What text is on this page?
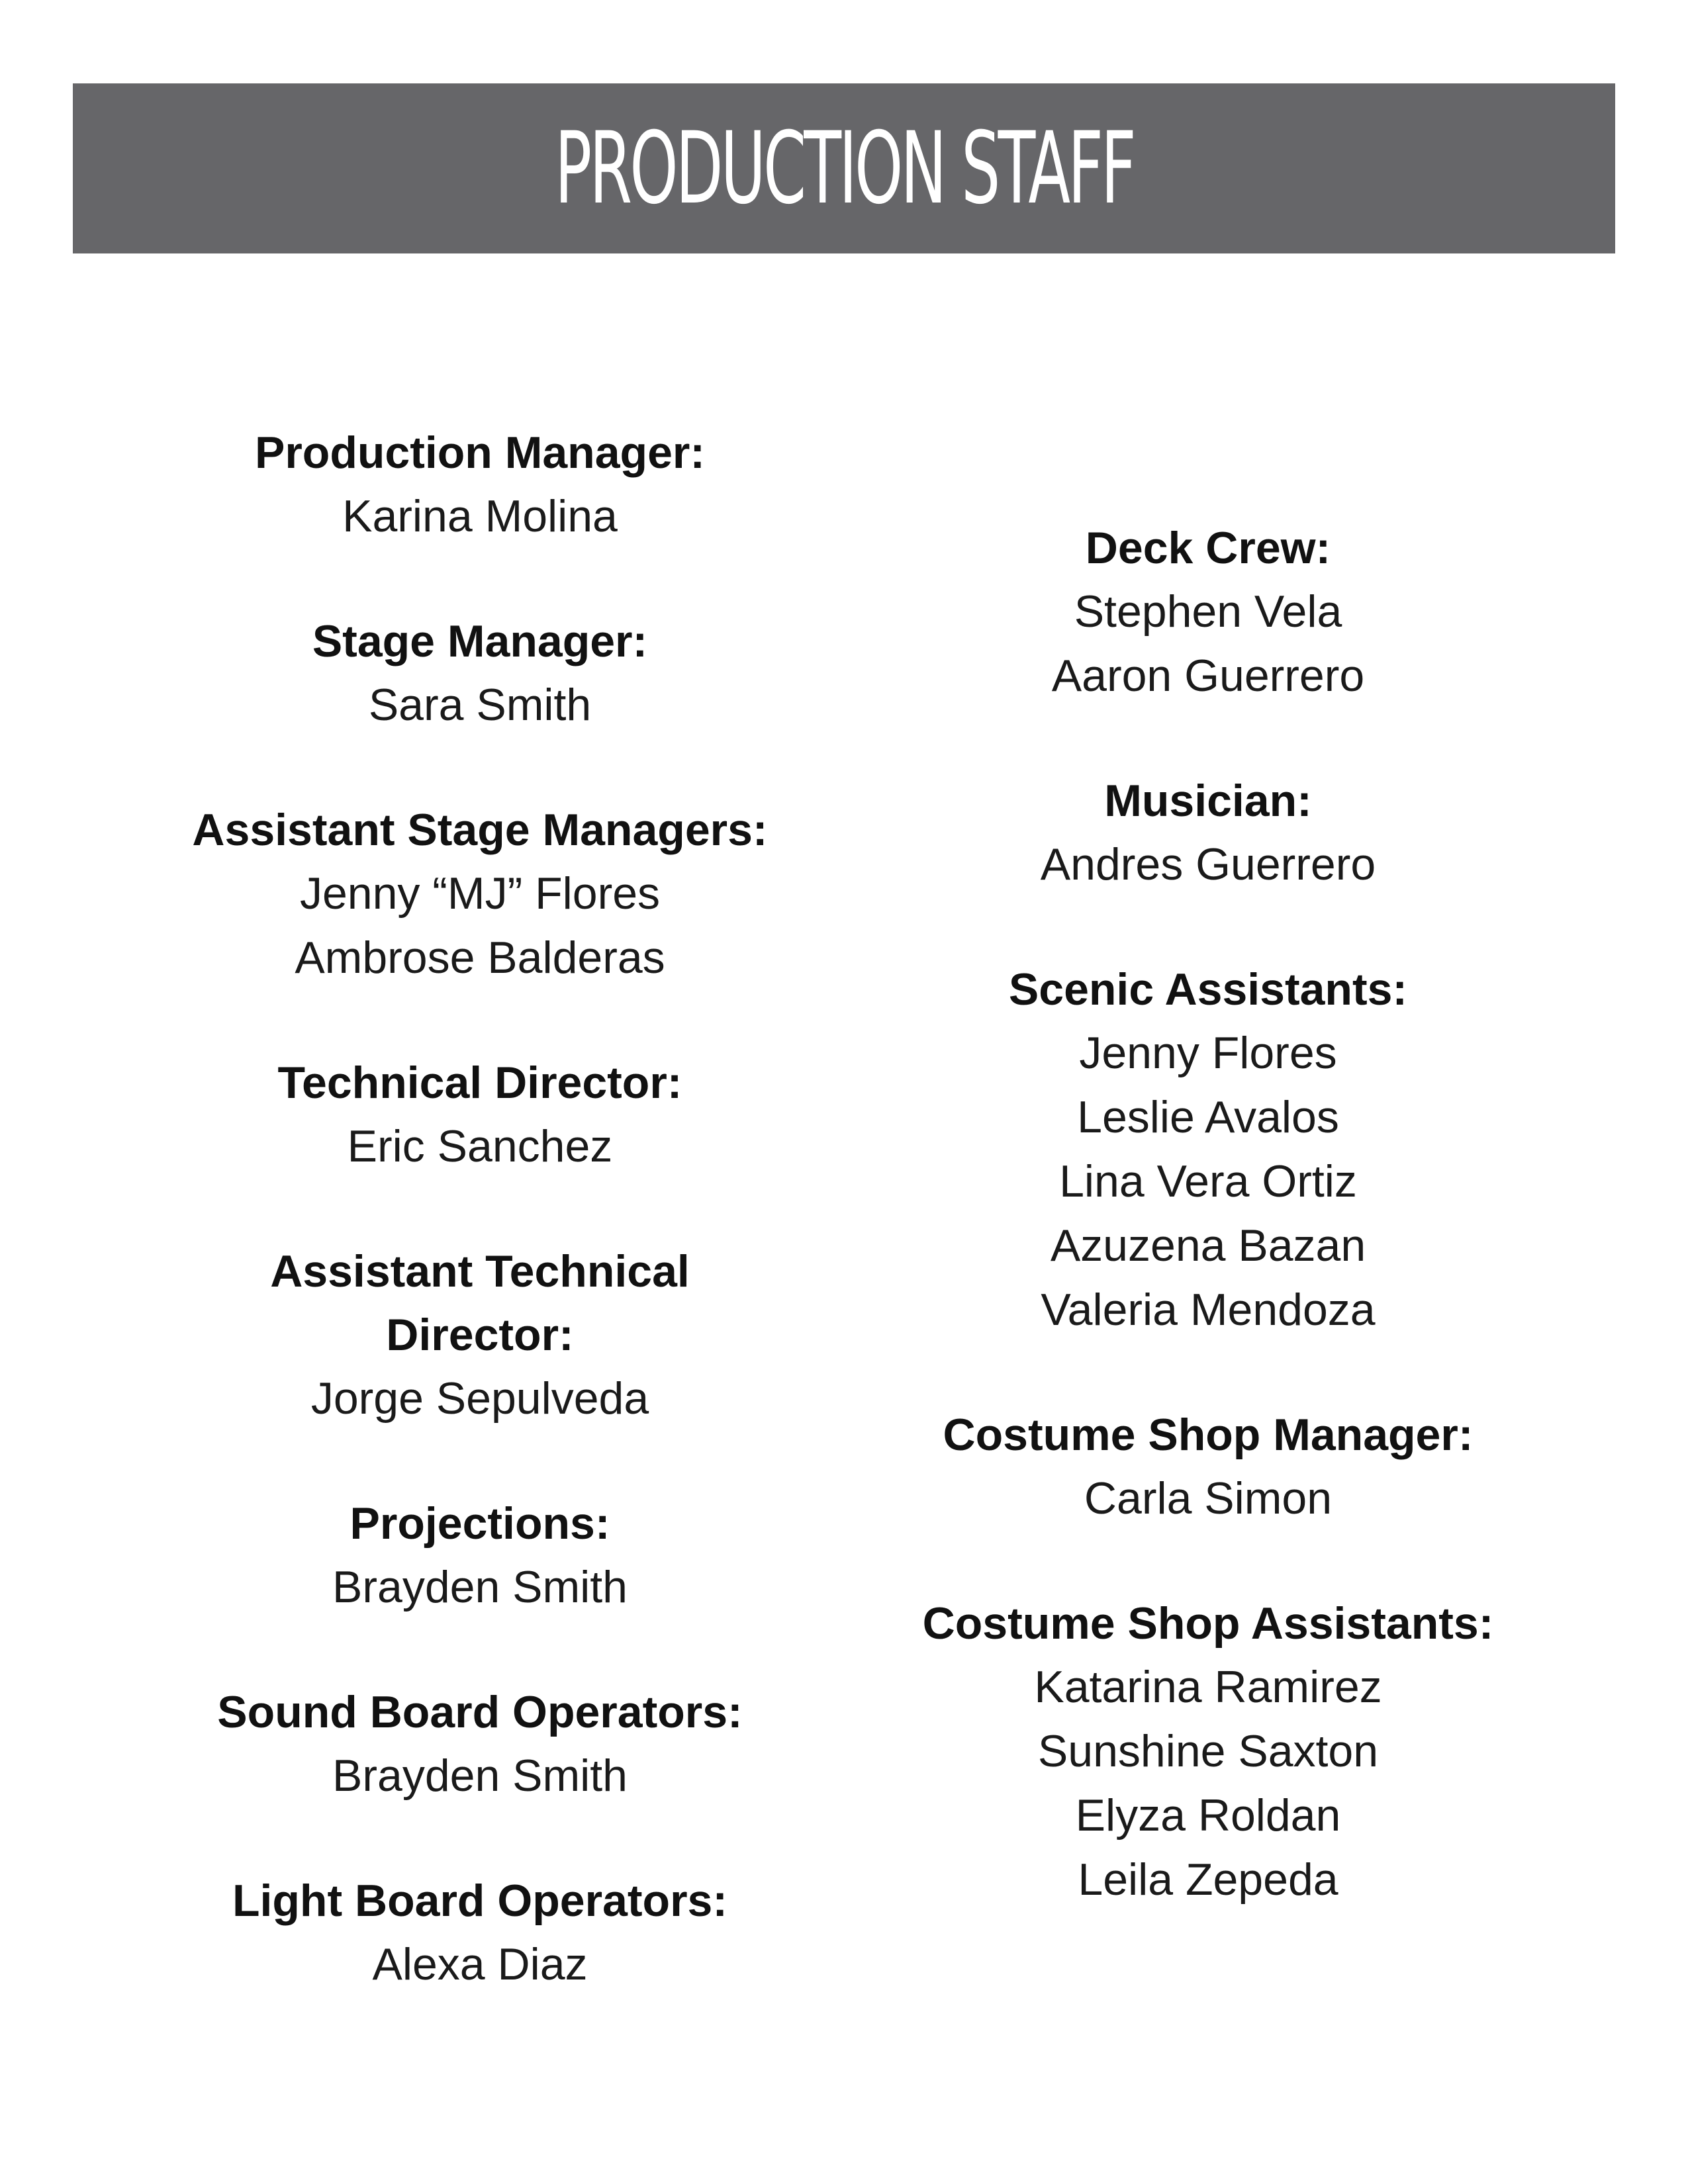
PRODUCTION STAFF

Production Manager:

Karina Molina

Stage Manager:

Sara Smith

Assistant Stage Managers:

Jenny “MJ” Flores

Ambrose Balderas

Technical Director:

Eric Sanchez

Assistant Technical Director:

Jorge Sepulveda

Projections:

Brayden Smith

Sound Board Operators:

Brayden Smith

Light Board Operators:

Alexa Diaz

Deck Crew:

Stephen Vela

Aaron Guerrero

Musician:

Andres Guerrero

Scenic Assistants:

Jenny Flores

Leslie Avalos

Lina Vera Ortiz

Azuzena Bazan

Valeria Mendoza

Costume Shop Manager:

Carla Simon

Costume Shop Assistants:

Katarina Ramirez

Sunshine Saxton

Elyza Roldan

Leila Zepeda
